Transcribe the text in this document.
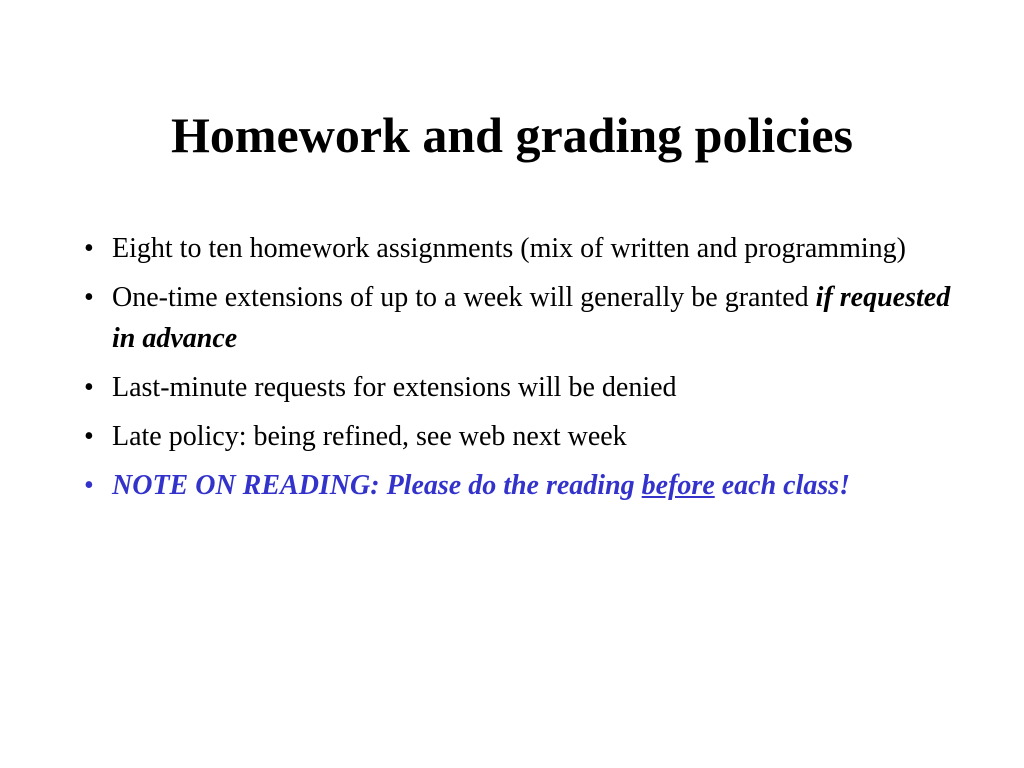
Homework and grading policies
• Eight to ten homework assignments (mix of written and programming)
• One-time extensions of up to a week will generally be granted if requested in advance
• Last-minute requests for extensions will be denied
• Late policy: being refined, see web next week
• NOTE ON READING: Please do the reading before each class!
